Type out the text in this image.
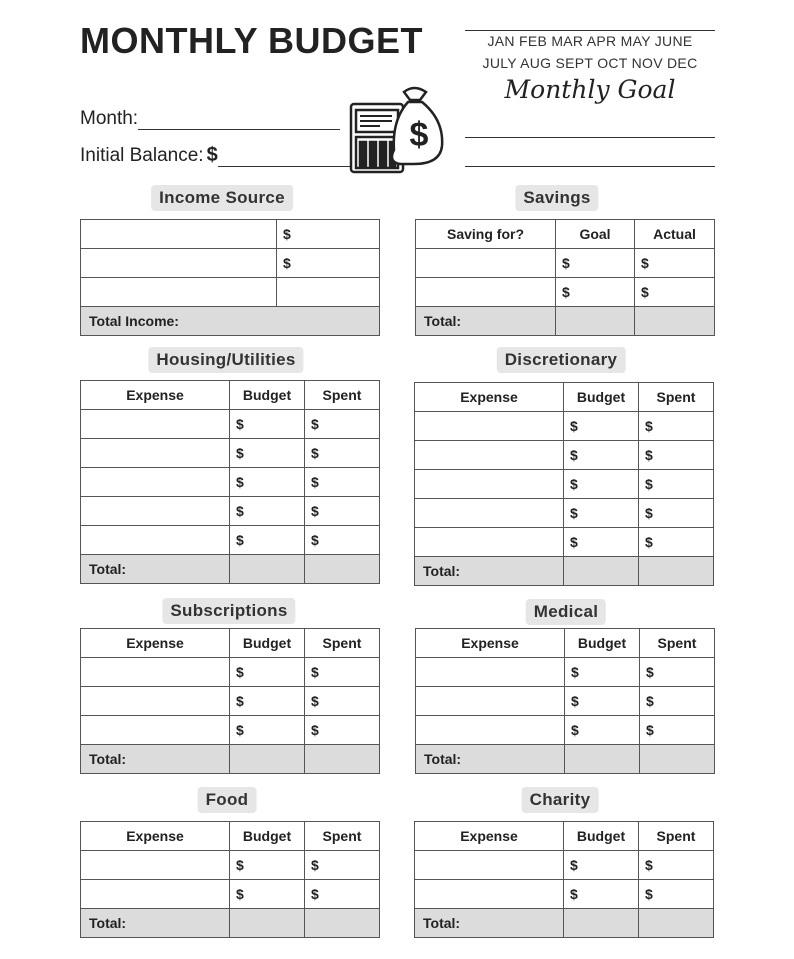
MONTHLY BUDGET
Month:
Initial Balance: $
$
JAN FEB MAR APR MAY JUNE
JULY AUG SEPT OCT NOV DEC
Monthly Goal
Income Source
	$
	$

Total Income:	
Savings
Saving for?	Goal	Actual
	$	$
	$	$
Total:		
Housing/Utilities
Expense	Budget	Spent
	$	$
	$	$
	$	$
	$	$
	$	$
Total:		
Discretionary
Expense	Budget	Spent
	$	$
	$	$
	$	$
	$	$
	$	$
Total:		
Subscriptions
Expense	Budget	Spent
	$	$
	$	$
	$	$
Total:		
Medical
Expense	Budget	Spent
	$	$
	$	$
	$	$
Total:		
Food
Expense	Budget	Spent
	$	$
	$	$
Total:		
Charity
Expense	Budget	Spent
	$	$
	$	$
Total:		
